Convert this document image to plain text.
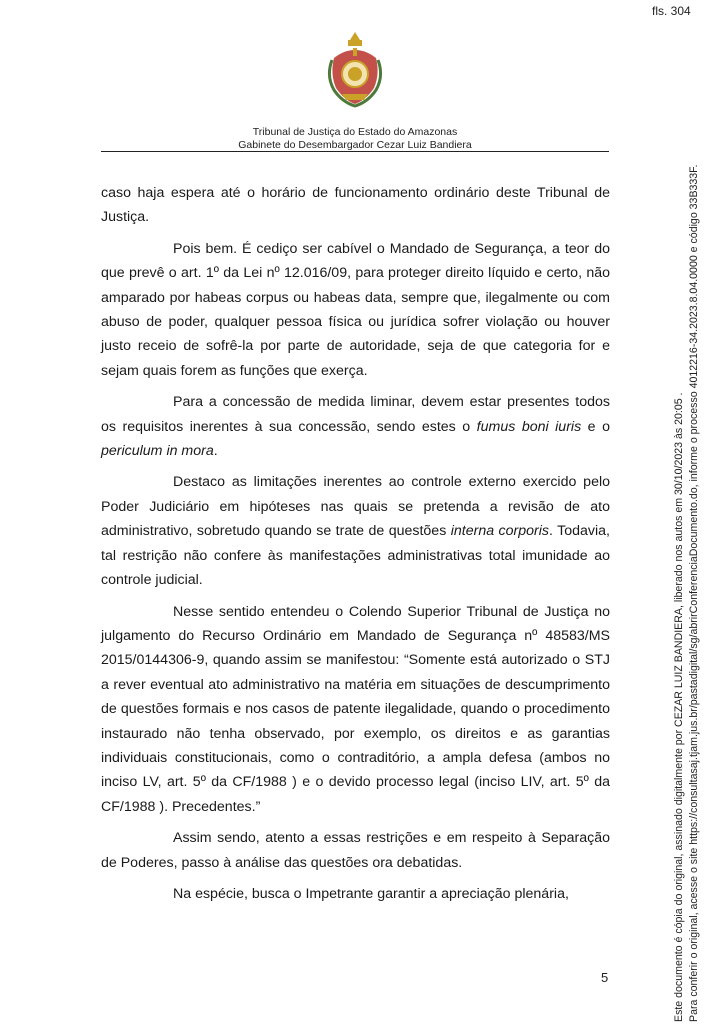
fls. 304
Tribunal de Justiça do Estado do Amazonas
Gabinete do Desembargador Cezar Luiz Bandiera

caso haja espera até o horário de funcionamento ordinário deste Tribunal de Justiça.

Pois bem. É cediço ser cabível o Mandado de Segurança, a teor do que prevê o art. 1º da Lei nº 12.016/09, para proteger direito líquido e certo, não amparado por habeas corpus ou habeas data, sempre que, ilegalmente ou com abuso de poder, qualquer pessoa física ou jurídica sofrer violação ou houver justo receio de sofrê-la por parte de autoridade, seja de que categoria for e sejam quais forem as funções que exerça.

Para a concessão de medida liminar, devem estar presentes todos os requisitos inerentes à sua concessão, sendo estes o fumus boni iuris e o periculum in mora.

Destaco as limitações inerentes ao controle externo exercido pelo Poder Judiciário em hipóteses nas quais se pretenda a revisão de ato administrativo, sobretudo quando se trate de questões interna corporis. Todavia, tal restrição não confere às manifestações administrativas total imunidade ao controle judicial.

Nesse sentido entendeu o Colendo Superior Tribunal de Justiça no julgamento do Recurso Ordinário em Mandado de Segurança nº 48583/MS 2015/0144306-9, quando assim se manifestou: “Somente está autorizado o STJ a rever eventual ato administrativo na matéria em situações de descumprimento de questões formais e nos casos de patente ilegalidade, quando o procedimento instaurado não tenha observado, por exemplo, os direitos e as garantias individuais constitucionais, como o contraditório, a ampla defesa (ambos no inciso LV, art. 5º da CF/1988 ) e o devido processo legal (inciso LIV, art. 5º da CF/1988 ). Precedentes.”

Assim sendo, atento a essas restrições e em respeito à Separação de Poderes, passo à análise das questões ora debatidas.

Na espécie, busca o Impetrante garantir a apreciação plenária,

5	Este documento é cópia do original, assinado digitalmente por CEZAR LUIZ BANDIERA, liberado nos autos em 30/10/2023 às 20:05 . Para conferir o original, acesse o site https://consultasaj.tjam.jus.br/pastadigital/sg/abrirConferenciaDocumento.do, informe o processo 4012216-34.2023.8.04.0000 e código 33B333F.
